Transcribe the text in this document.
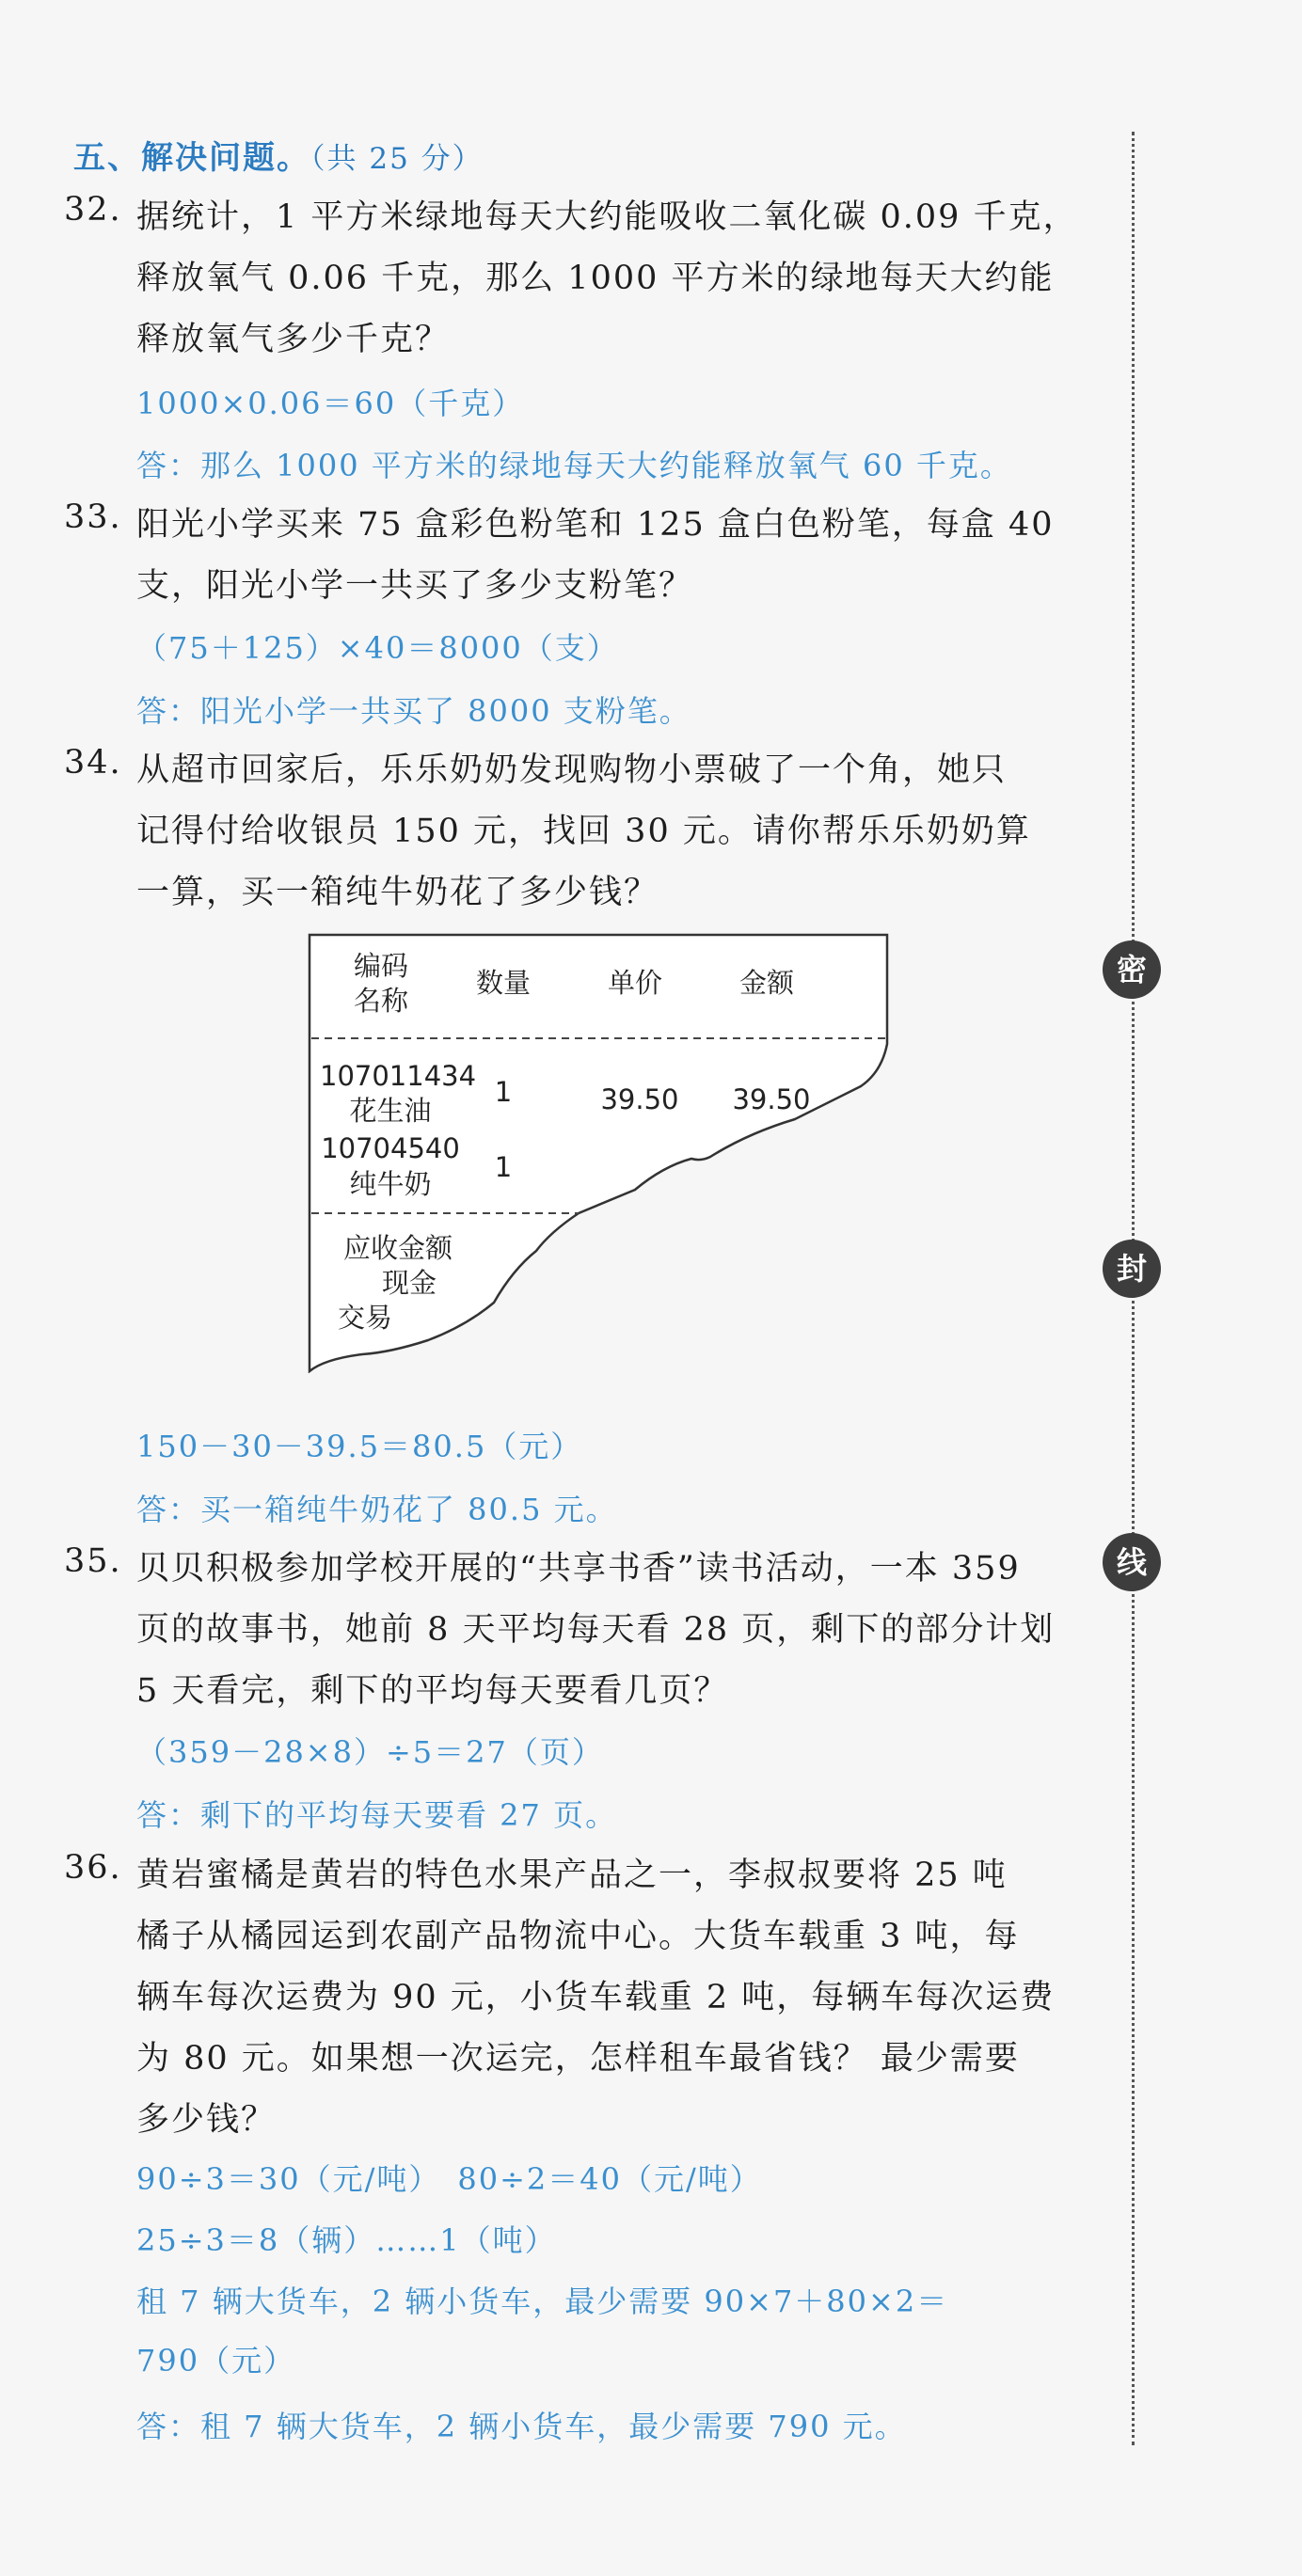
五、解决问题。（共 25 分）
32. 据统计，1 平方米绿地每天大约能吸收二氧化碳 0.09 千克，
释放氧气 0.06 千克，那么 1000 平方米的绿地每天大约能
释放氧气多少千克？
1000×0.06＝60（千克）
答：那么 1000 平方米的绿地每天大约能释放氧气 60 千克。
33. 阳光小学买来 75 盒彩色粉笔和 125 盒白色粉笔，每盒 40
支，阳光小学一共买了多少支粉笔？
（75＋125）×40＝8000（支）
答：阳光小学一共买了 8000 支粉笔。
34. 从超市回家后，乐乐奶奶发现购物小票破了一个角，她只
记得付给收银员 150 元，找回 30 元。请你帮乐乐奶奶算
一算，买一箱纯牛奶花了多少钱？
编码
名称
数量	单价	金额
107011434
花生油
1	39.50 39.50
10704540
纯牛奶
1
应收金额
现金
交易
150－30－39.5＝80.5（元）
答：买一箱纯牛奶花了 80.5 元。
35. 贝贝积极参加学校开展的“共享书香”读书活动，一本 359
页的故事书，她前 8 天平均每天看 28 页，剩下的部分计划
5 天看完，剩下的平均每天要看几页？
（359－28×8）÷5＝27（页）
答：剩下的平均每天要看 27 页。
36. 黄岩蜜橘是黄岩的特色水果产品之一，李叔叔要将 25 吨
橘子从橘园运到农副产品物流中心。大货车载重 3 吨，每
辆车每次运费为 90 元，小货车载重 2 吨，每辆车每次运费
为 80 元。如果想一次运完，怎样租车最省钱？ 最少需要
多少钱？
90÷3＝30（元/吨）　80÷2＝40（元/吨）
25÷3＝8（辆）……1（吨）
租 7 辆大货车，2 辆小货车，最少需要 90×7＋80×2＝
790（元）
答：租 7 辆大货车，2 辆小货车，最少需要 790 元。
密
封
线
